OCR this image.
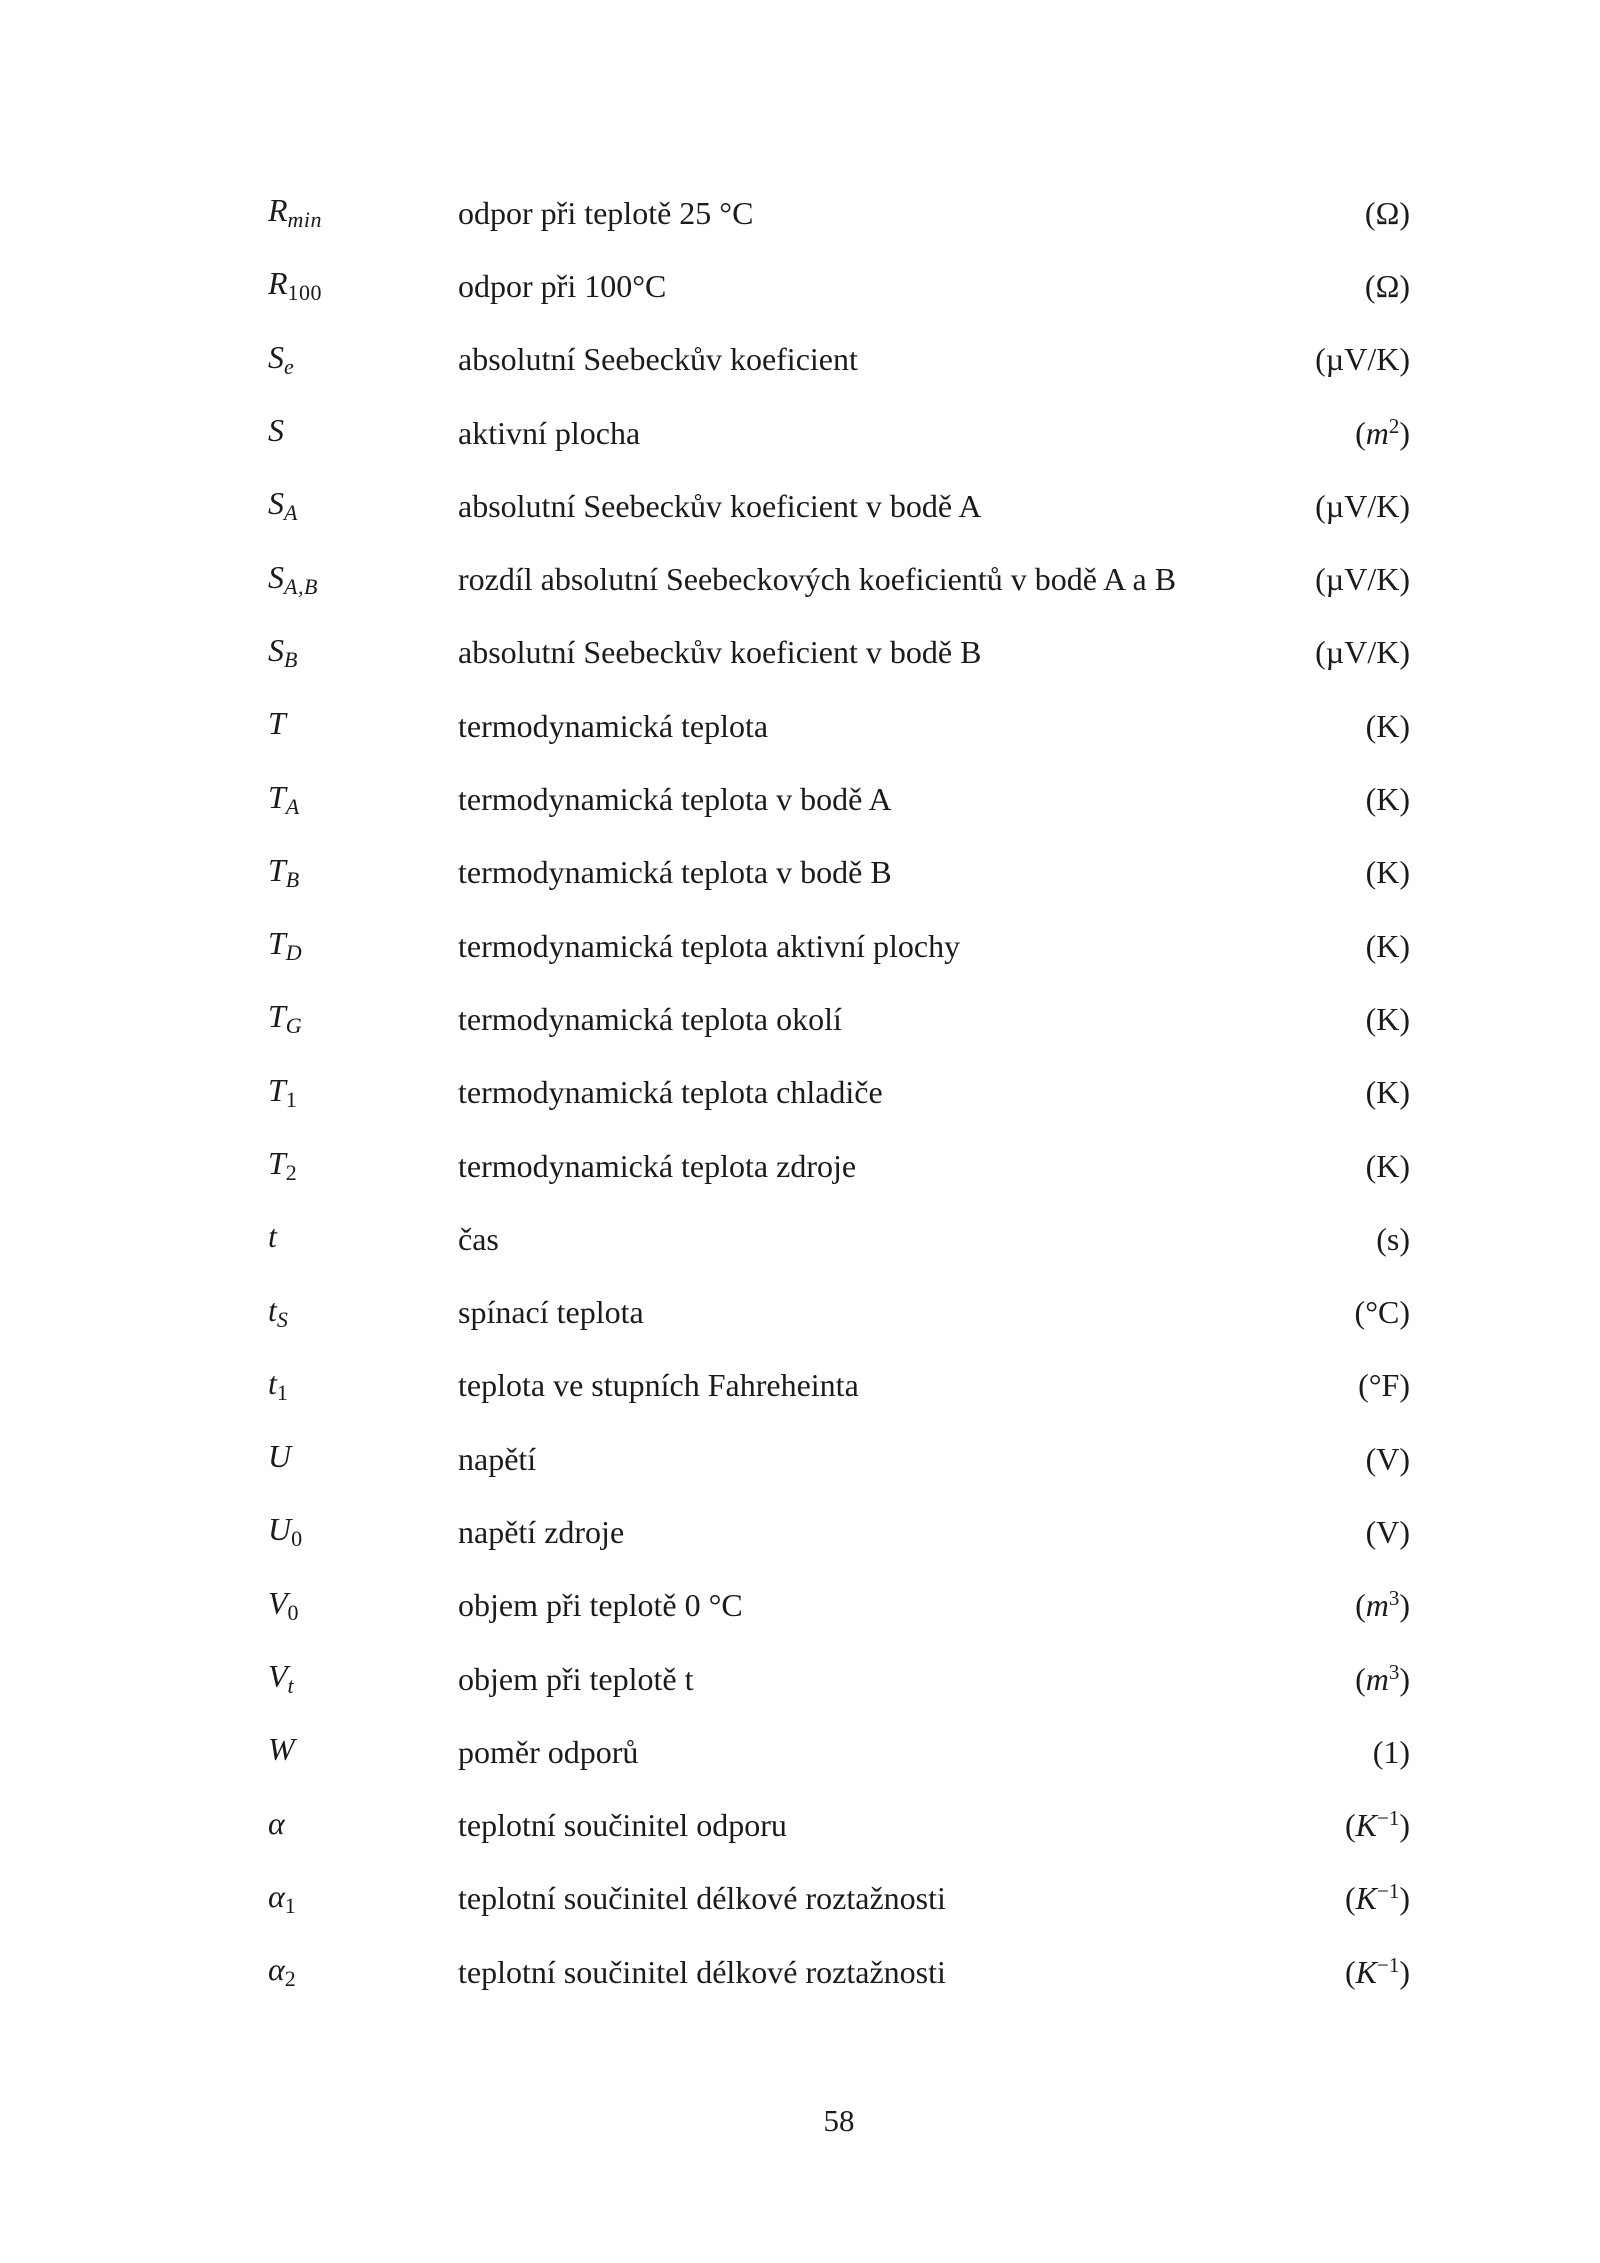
$R_{min}$	odpor při teplotě 25 °C	(Ω)
$R_{100}$	odpor při 100°C	(Ω)
$S_e$	absolutní Seebeckův koeficient	(µV/K)
S	aktivní plocha	$(m^2)$
$S_A$	absolutní Seebeckův koeficient v bodě A	(µV/K)
$S_{A,B}$	rozdíl absolutní Seebeckových koeficientů v bodě A a B	(µV/K)
$S_B$	absolutní Seebeckův koeficient v bodě B	(µV/K)
T	termodynamická teplota	(K)
$T_A$	termodynamická teplota v bodě A	(K)
$T_B$	termodynamická teplota v bodě B	(K)
$T_D$	termodynamická teplota aktivní plochy	(K)
$T_G$	termodynamická teplota okolí	(K)
$T_1$	termodynamická teplota chladiče	(K)
$T_2$	termodynamická teplota zdroje	(K)
t	čas	(s)
$t_S$	spínací teplota	(°C)
$t_1$	teplota ve stupních Fahreheinta	(°F)
U	napětí	(V)
$U_0$	napětí zdroje	(V)
$V_0$	objem při teplotě 0 °C	$(m^3)$
$V_t$	objem při teplotě t	$(m^3)$
W	poměr odporů	(1)
α	teplotní součinitel odporu	$(K^{-1})$
$\alpha_1$	teplotní součinitel délkové roztažnosti	$(K^{-1})$
$\alpha_2$	teplotní součinitel délkové roztažnosti	$(K^{-1})$
58
